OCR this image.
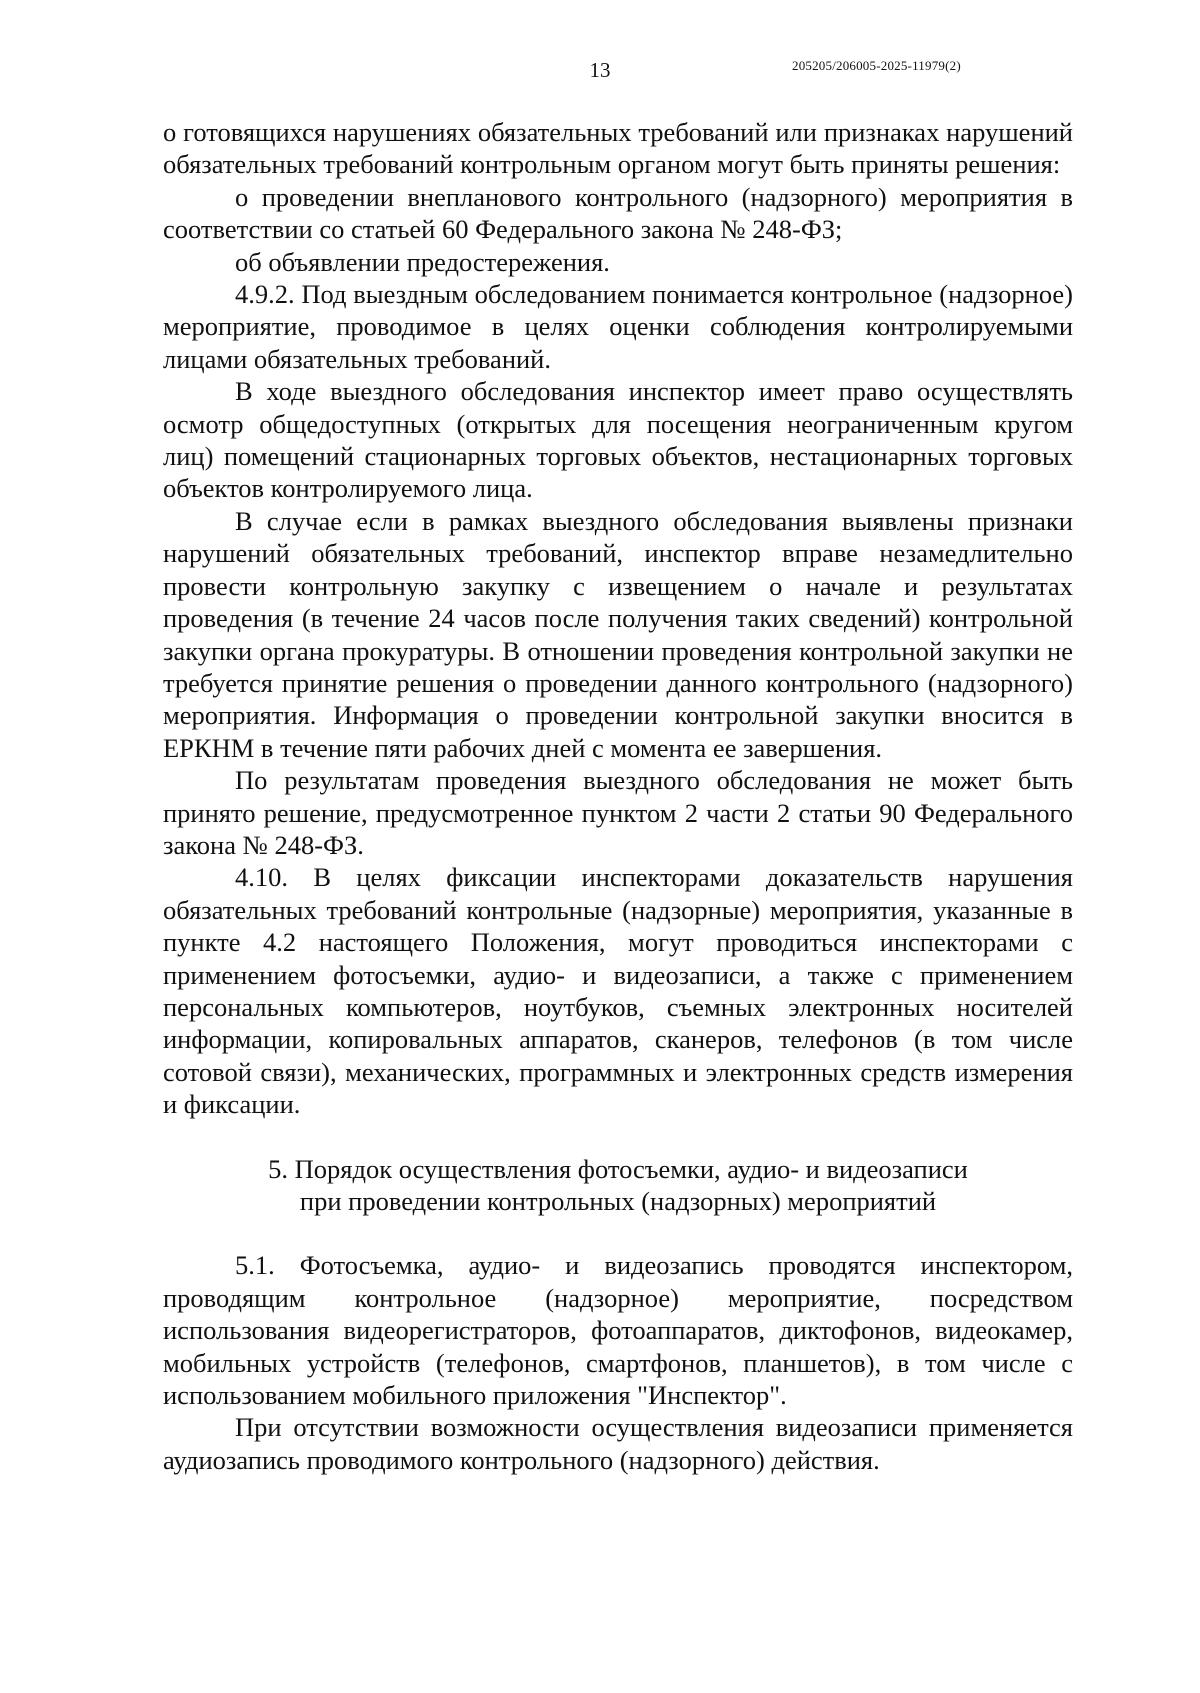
13	205205/206005-2025-11979(2)

о готовящихся нарушениях обязательных требований или признаках нарушений обязательных требований контрольным органом могут быть приняты решения:

о проведении внепланового контрольного (надзорного) мероприятия в соответствии со статьей 60 Федерального закона № 248-ФЗ;

об объявлении предостережения.

4.9.2. Под выездным обследованием понимается контрольное (надзорное) мероприятие, проводимое в целях оценки соблюдения контролируемыми лицами обязательных требований.

В ходе выездного обследования инспектор имеет право осуществлять осмотр общедоступных (открытых для посещения неограниченным кругом лиц) помещений стационарных торговых объектов, нестационарных торговых объектов контролируемого лица.

В случае если в рамках выездного обследования выявлены признаки нарушений обязательных требований, инспектор вправе незамедлительно провести контрольную закупку с извещением о начале и результатах проведения (в течение 24 часов после получения таких сведений) контрольной закупки органа прокуратуры. В отношении проведения контрольной закупки не требуется принятие решения о проведении данного контрольного (надзорного) мероприятия. Информация о проведении контрольной закупки вносится в ЕРКНМ в течение пяти рабочих дней с момента ее завершения.

По результатам проведения выездного обследования не может быть принято решение, предусмотренное пунктом 2 части 2 статьи 90 Федерального закона № 248-ФЗ.

4.10. В целях фиксации инспекторами доказательств нарушения обязательных требований контрольные (надзорные) мероприятия, указанные в пункте 4.2 настоящего Положения, могут проводиться инспекторами с применением фотосъемки, аудио- и видеозаписи, а также с применением персональных компьютеров, ноутбуков, съемных электронных носителей информации, копировальных аппаратов, сканеров, телефонов (в том числе сотовой связи), механических, программных и электронных средств измерения и фиксации.

5. Порядок осуществления фотосъемки, аудио- и видеозаписи
при проведении контрольных (надзорных) мероприятий

5.1. Фотосъемка, аудио- и видеозапись проводятся инспектором, проводящим контрольное (надзорное) мероприятие, посредством использования видеорегистраторов, фотоаппаратов, диктофонов, видеокамер, мобильных устройств (телефонов, смартфонов, планшетов), в том числе с использованием мобильного приложения "Инспектор".

При отсутствии возможности осуществления видеозаписи применяется аудиозапись проводимого контрольного (надзорного) действия.
